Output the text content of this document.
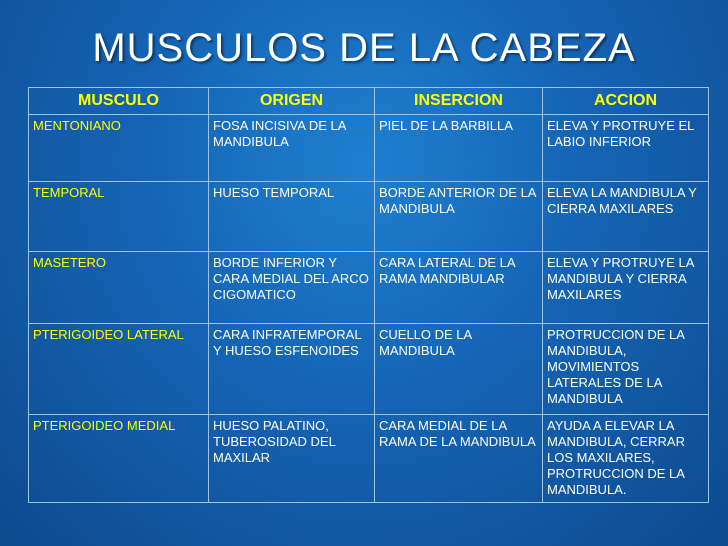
MUSCULOS DE LA CABEZA
MUSCULO	ORIGEN	INSERCION	ACCION
MENTONIANO	FOSA INCISIVA DE LA MANDIBULA	PIEL DE LA BARBILLA	ELEVA Y PROTRUYE EL LABIO INFERIOR
TEMPORAL	HUESO TEMPORAL	BORDE ANTERIOR DE LA MANDIBULA	ELEVA LA MANDIBULA Y CIERRA MAXILARES
MASETERO	BORDE INFERIOR Y CARA MEDIAL DEL ARCO CIGOMATICO	CARA LATERAL DE LA RAMA MANDIBULAR	ELEVA Y PROTRUYE LA MANDIBULA Y CIERRA MAXILARES
PTERIGOIDEO LATERAL	CARA INFRATEMPORAL Y HUESO ESFENOIDES	CUELLO DE LA MANDIBULA	PROTRUCCION DE LA MANDIBULA, MOVIMIENTOS LATERALES DE LA MANDIBULA
PTERIGOIDEO MEDIAL	HUESO PALATINO, TUBEROSIDAD DEL MAXILAR	CARA MEDIAL DE LA RAMA DE LA MANDIBULA	AYUDA A ELEVAR LA MANDIBULA, CERRAR LOS MAXILARES, PROTRUCCION DE LA MANDIBULA.
